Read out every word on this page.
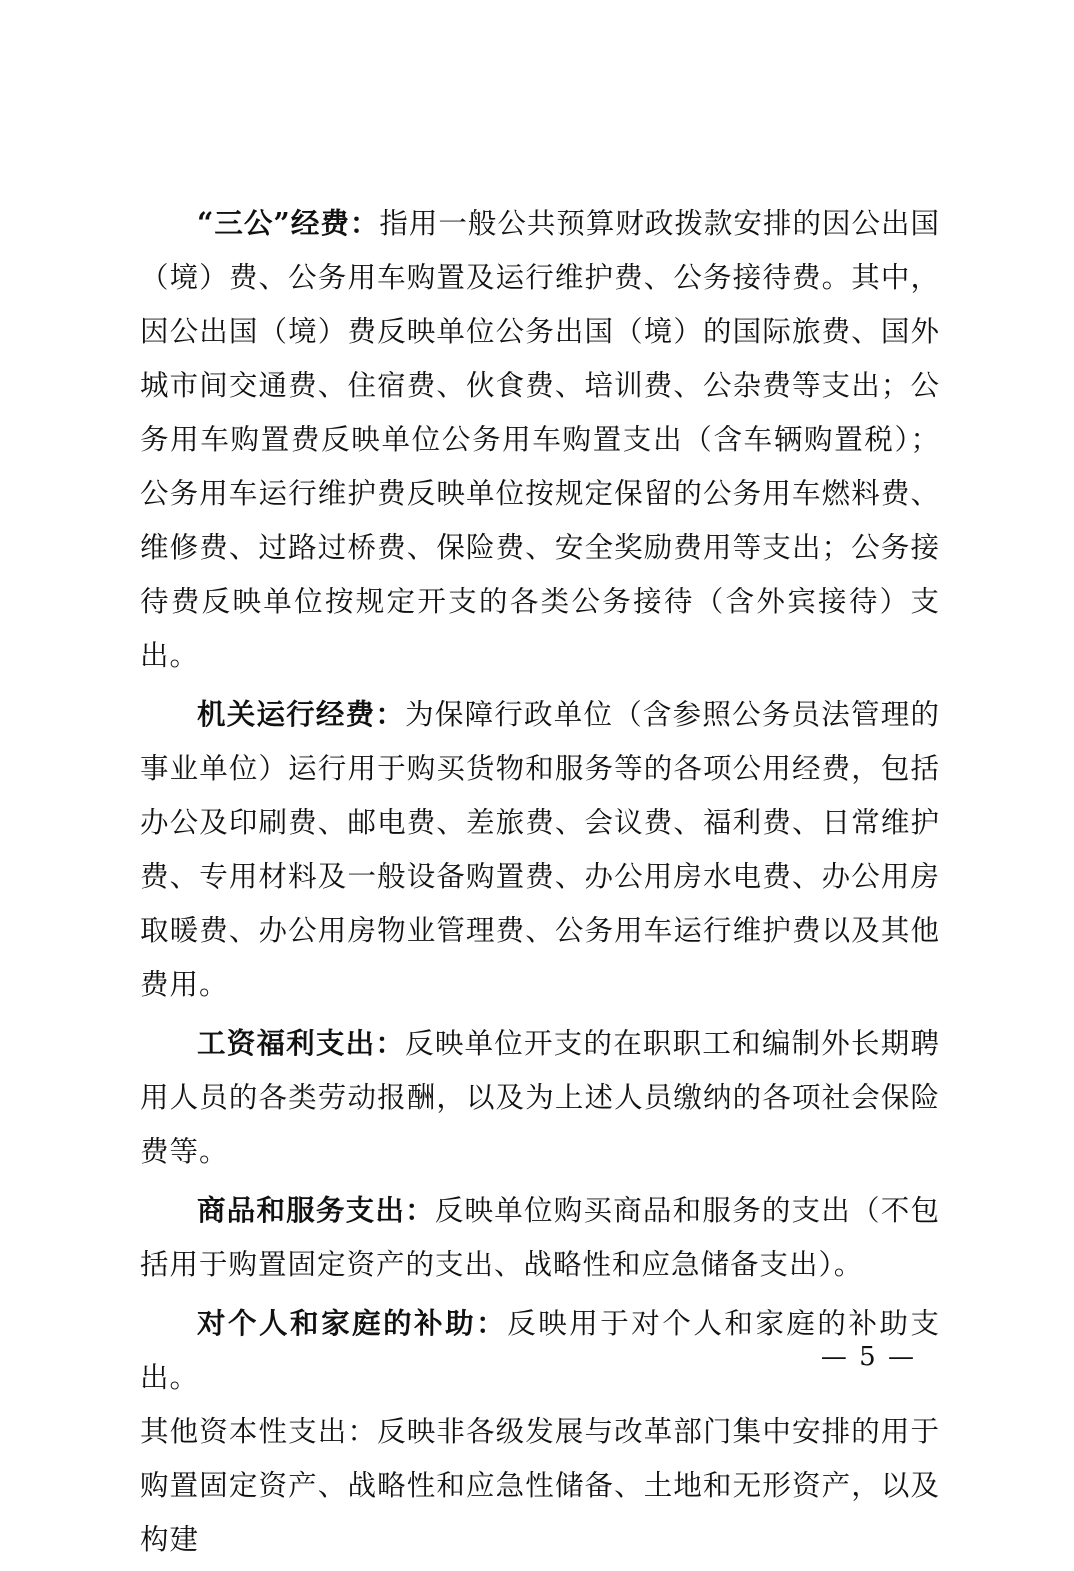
“三公”经费：指用一般公共预算财政拨款安排的因公出国（境）费、公务用车购置及运行维护费、公务接待费。其中，因公出国（境）费反映单位公务出国（境）的国际旅费、国外城市间交通费、住宿费、伙食费、培训费、公杂费等支出；公务用车购置费反映单位公务用车购置支出（含车辆购置税）；公务用车运行维护费反映单位按规定保留的公务用车燃料费、维修费、过路过桥费、保险费、安全奖励费用等支出；公务接待费反映单位按规定开支的各类公务接待（含外宾接待）支出。

机关运行经费：为保障行政单位（含参照公务员法管理的事业单位）运行用于购买货物和服务等的各项公用经费，包括办公及印刷费、邮电费、差旅费、会议费、福利费、日常维护费、专用材料及一般设备购置费、办公用房水电费、办公用房取暖费、办公用房物业管理费、公务用车运行维护费以及其他费用。

工资福利支出：反映单位开支的在职职工和编制外长期聘用人员的各类劳动报酬，以及为上述人员缴纳的各项社会保险费等。

商品和服务支出：反映单位购买商品和服务的支出（不包括用于购置固定资产的支出、战略性和应急储备支出）。

对个人和家庭的补助：反映用于对个人和家庭的补助支出。

其他资本性支出：反映非各级发展与改革部门集中安排的用于购置固定资产、战略性和应急性储备、土地和无形资产，以及构建

— 5 —
